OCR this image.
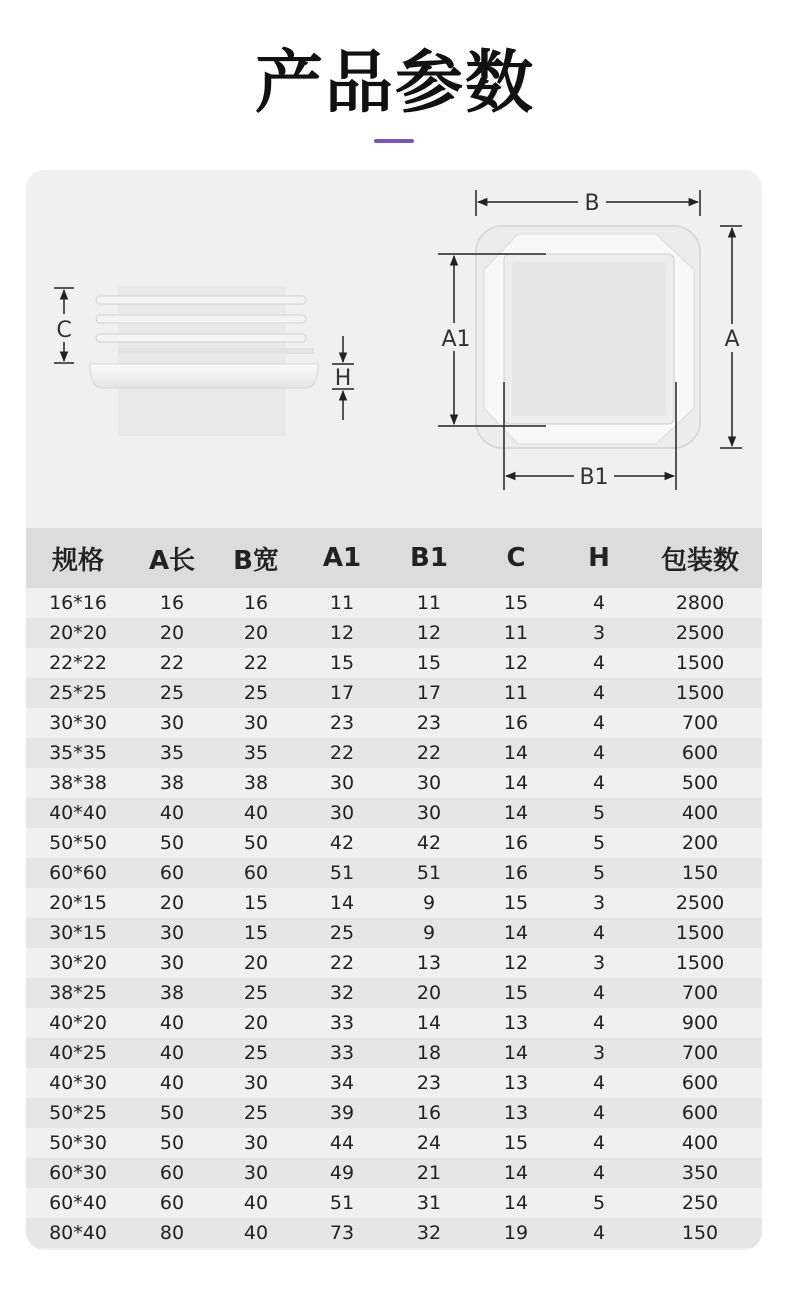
产品参数
C
H
B
A
A1
B1
规格	A长	B宽	A1	B1	C	H	包装数
16*16	16	16	11	11	15	4	2800
20*20	20	20	12	12	11	3	2500
22*22	22	22	15	15	12	4	1500
25*25	25	25	17	17	11	4	1500
30*30	30	30	23	23	16	4	700
35*35	35	35	22	22	14	4	600
38*38	38	38	30	30	14	4	500
40*40	40	40	30	30	14	5	400
50*50	50	50	42	42	16	5	200
60*60	60	60	51	51	16	5	150
20*15	20	15	14	9	15	3	2500
30*15	30	15	25	9	14	4	1500
30*20	30	20	22	13	12	3	1500
38*25	38	25	32	20	15	4	700
40*20	40	20	33	14	13	4	900
40*25	40	25	33	18	14	3	700
40*30	40	30	34	23	13	4	600
50*25	50	25	39	16	13	4	600
50*30	50	30	44	24	15	4	400
60*30	60	30	49	21	14	4	350
60*40	60	40	51	31	14	5	250
80*40	80	40	73	32	19	4	150
